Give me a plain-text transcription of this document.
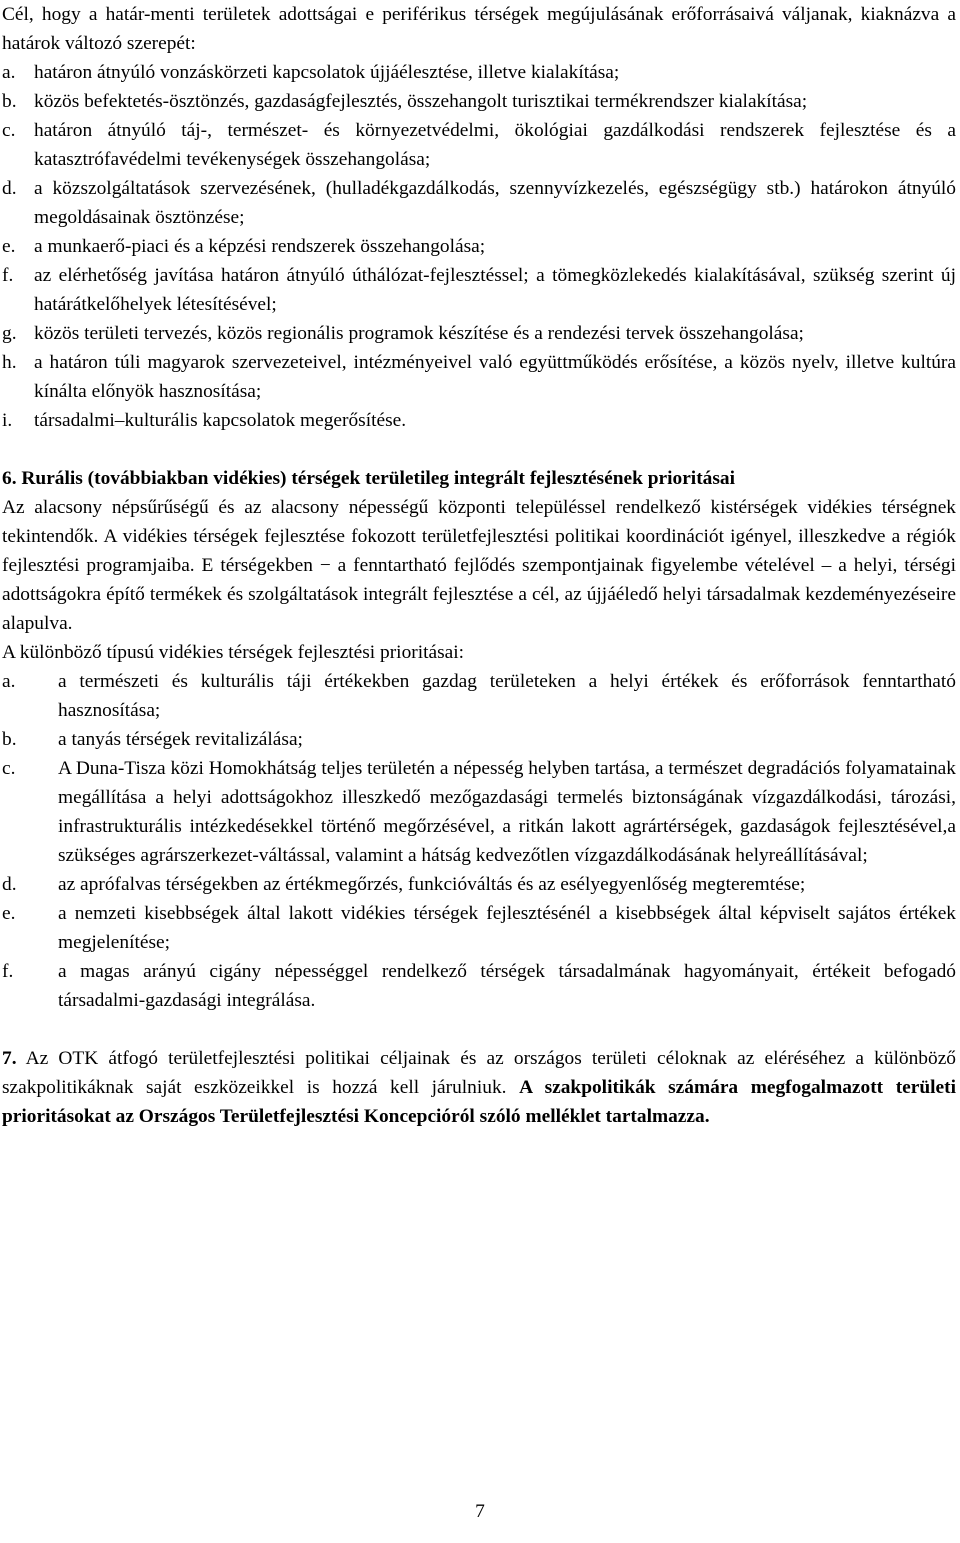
Cél, hogy a határ-menti területek adottságai e periférikus térségek megújulásának erőforrásaivá váljanak, kiaknázva a határok változó szerepét:

a. határon átnyúló vonzáskörzeti kapcsolatok újjáélesztése, illetve kialakítása;
b. közös befektetés-ösztönzés, gazdaságfejlesztés, összehangolt turisztikai termékrendszer kialakítása;
c. határon átnyúló táj-, természet- és környezetvédelmi, ökológiai gazdálkodási rendszerek fejlesztése és a katasztrófavédelmi tevékenységek összehangolása;
d. a közszolgáltatások szervezésének, (hulladékgazdálkodás, szennyvízkezelés, egészségügy stb.) határokon átnyúló megoldásainak ösztönzése;
e. a munkaerő-piaci és a képzési rendszerek összehangolása;
f.	az elérhetőség javítása határon átnyúló úthálózat-fejlesztéssel; a tömegközlekedés kialakításával, szükség szerint új határátkelőhelyek létesítésével;
g. közös területi tervezés, közös regionális programok készítése és a rendezési tervek összehangolása;
h. a határon túli magyarok szervezeteivel, intézményeivel való együttműködés erősítése, a közös nyelv, illetve kultúra kínálta előnyök hasznosítása;
i.	társadalmi–kulturális kapcsolatok megerősítése.

6. Rurális (továbbiakban vidékies) térségek területileg integrált fejlesztésének prioritásai

Az alacsony népsűrűségű és az alacsony népességű központi településsel rendelkező kistérségek vidékies térségnek tekintendők. A vidékies térségek fejlesztése fokozott területfejlesztési politikai koordinációt igényel, illeszkedve a régiók fejlesztési programjaiba. E térségekben − a fenntartható fejlődés szempontjainak figyelembe vételével – a helyi, térségi adottságokra építő termékek és szolgáltatások integrált fejlesztése a cél, az újjáéledő helyi társadalmak kezdeményezéseire alapulva.

A különböző típusú vidékies térségek fejlesztési prioritásai:

a.	a természeti és kulturális táji értékekben gazdag területeken a helyi értékek és erőforrások fenntartható hasznosítása;
b.	a tanyás térségek revitalizálása;
c.	A Duna-Tisza közi Homokhátság teljes területén a népesség helyben tartása, a természet degradációs folyamatainak megállítása a helyi adottságokhoz illeszkedő mezőgazdasági termelés biztonságának vízgazdálkodási, tározási, infrastrukturális intézkedésekkel történő megőrzésével, a ritkán lakott agrártérségek, gazdaságok fejlesztésével,a szükséges agrárszerkezet-váltással, valamint a hátság kedvezőtlen vízgazdálkodásának helyreállításával;
d.	az aprófalvas térségekben az értékmegőrzés, funkcióváltás és az esélyegyenlőség megteremtése;
e.	a nemzeti kisebbségek által lakott vidékies térségek fejlesztésénél a kisebbségek által képviselt sajátos értékek megjelenítése;
f.	a magas arányú cigány népességgel rendelkező térségek társadalmának hagyományait, értékeit befogadó társadalmi-gazdasági integrálása.

7. Az OTK átfogó területfejlesztési politikai céljainak és az országos területi céloknak az eléréséhez a különböző szakpolitikáknak saját eszközeikkel is hozzá kell járulniuk. A szakpolitikák számára megfogalmazott területi prioritásokat az Országos Területfejlesztési Koncepcióról szóló melléklet tartalmazza.

7
